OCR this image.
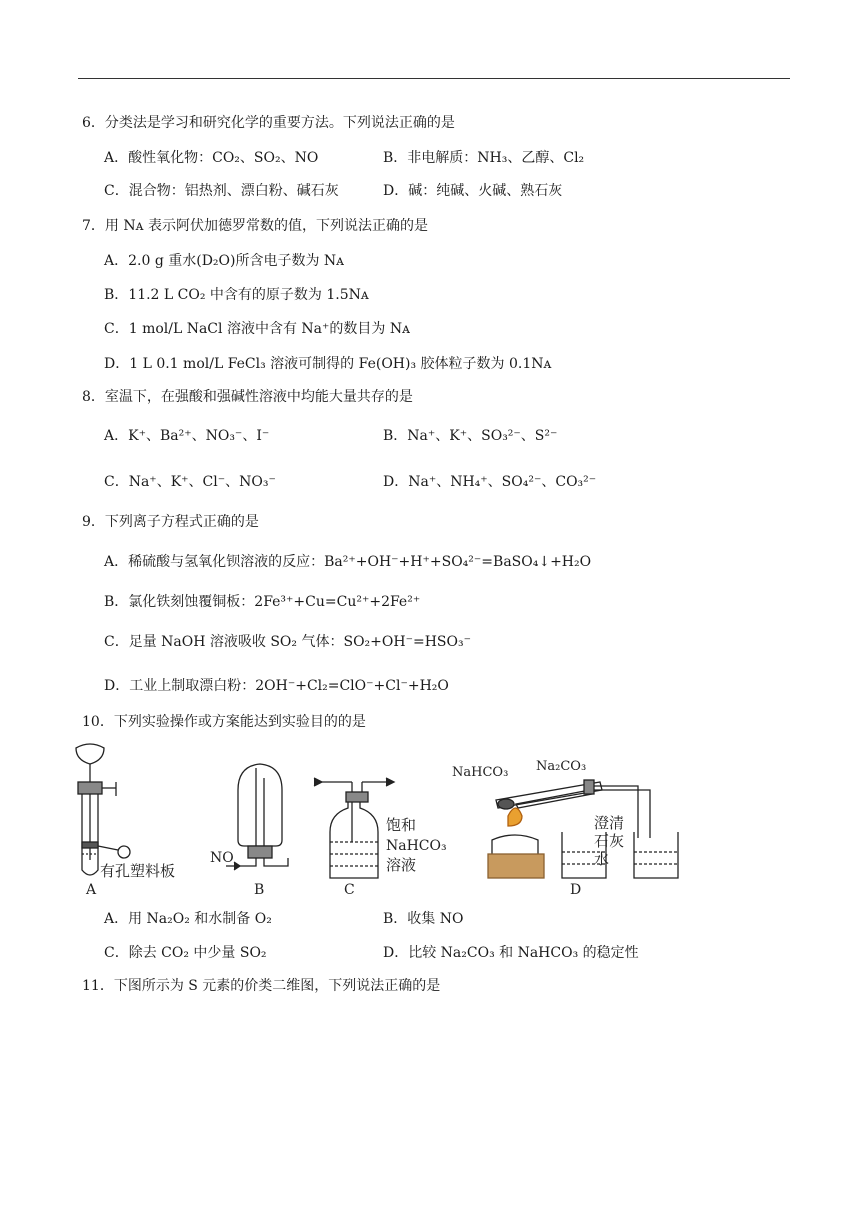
6．分类法是学习和研究化学的重要方法。下列说法正确的是
A．酸性氧化物：CO₂、SO₂、NO	B．非电解质：NH₃、乙醇、Cl₂
C．混合物：铝热剂、漂白粉、碱石灰	D．碱：纯碱、火碱、熟石灰
7．用 Nᴀ 表示阿伏加德罗常数的值，下列说法正确的是
A．2.0 g 重水(D₂O)所含电子数为 Nᴀ
B．11.2 L CO₂ 中含有的原子数为 1.5Nᴀ
C．1 mol/L NaCl 溶液中含有 Na⁺的数目为 Nᴀ
D．1 L 0.1 mol/L FeCl₃ 溶液可制得的 Fe(OH)₃ 胶体粒子数为 0.1Nᴀ
8．室温下，在强酸和强碱性溶液中均能大量共存的是
A．K⁺、Ba²⁺、NO₃⁻、I⁻	B．Na⁺、K⁺、SO₃²⁻、S²⁻
C．Na⁺、K⁺、Cl⁻、NO₃⁻	D．Na⁺、NH₄⁺、SO₄²⁻、CO₃²⁻
9．下列离子方程式正确的是
A．稀硫酸与氢氧化钡溶液的反应：Ba²⁺+OH⁻+H⁺+SO₄²⁻=BaSO₄↓+H₂O
B．氯化铁刻蚀覆铜板：2Fe³⁺+Cu=Cu²⁺+2Fe²⁺
C．足量 NaOH 溶液吸收 SO₂ 气体：SO₂+OH⁻=HSO₃⁻
D．工业上制取漂白粉：2OH⁻+Cl₂=ClO⁻+Cl⁻+H₂O
10．下列实验操作或方案能达到实验目的的是
A
有孔塑料板
NO
B
饱和
NaHCO₃
溶液
C
NaHCO₃ Na₂CO₃
澄清
石灰
水
D
A．用 Na₂O₂ 和水制备 O₂	B．收集 NO
C．除去 CO₂ 中少量 SO₂	D．比较 Na₂CO₃ 和 NaHCO₃ 的稳定性
11．下图所示为 S 元素的价类二维图，下列说法正确的是
